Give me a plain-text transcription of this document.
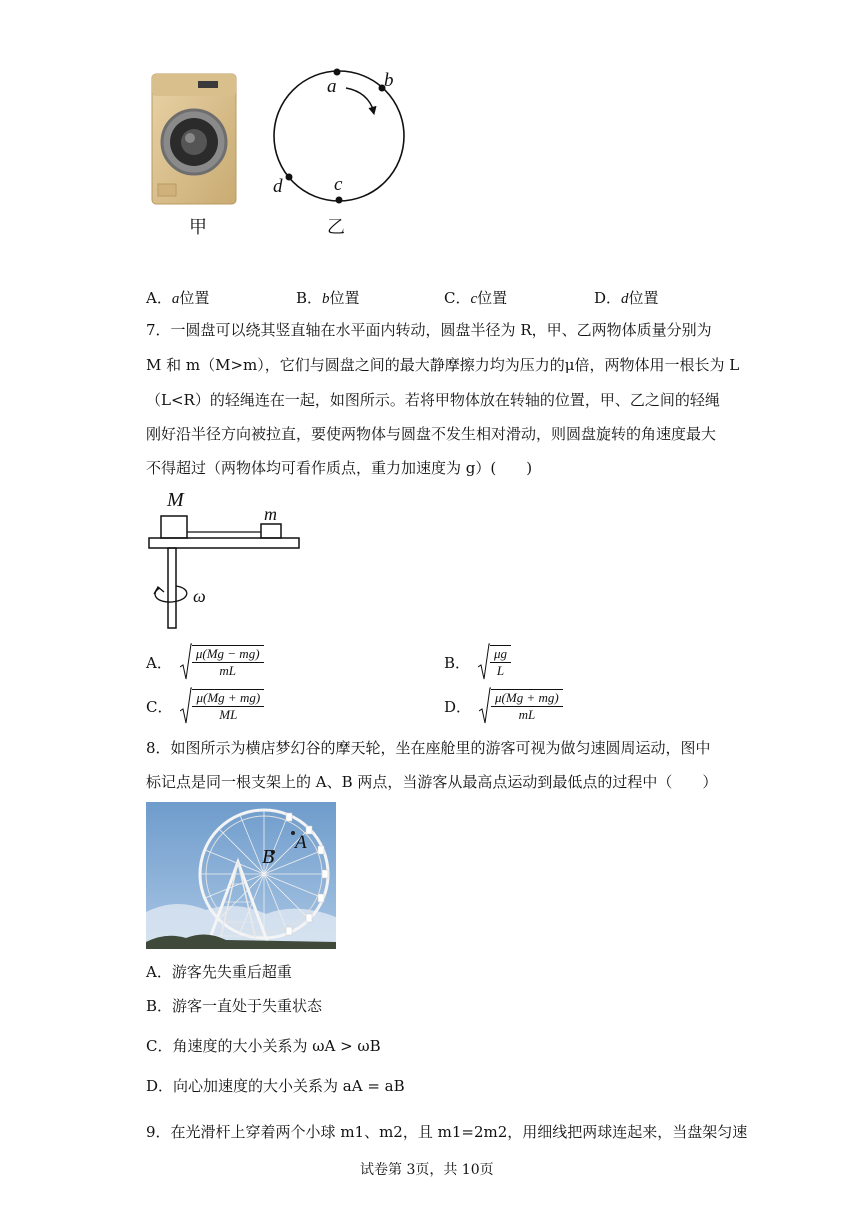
甲
a	b
c
d
乙
A．a位置	B．b位置	C．c位置	D．d位置
7．一圆盘可以绕其竖直轴在水平面内转动，圆盘半径为 R，甲、乙两物体质量分别为
M 和 m（M>m），它们与圆盘之间的最大静摩擦力均为压力的μ倍，两物体用一根长为 L
（L<R）的轻绳连在一起，如图所示。若将甲物体放在转轴的位置，甲、乙之间的轻绳
刚好沿半径方向被拉直，要使两物体与圆盘不发生相对滑动，则圆盘旋转的角速度最大
不得超过（两物体均可看作质点，重力加速度为 g）(　　)
M
m
ω
A． $\frac{\mu(Mg - mg)}{mL}$	B． $\frac{\mu g}{L}$
C． $\frac{\mu(Mg + mg)}{ML}$	D． $\frac{\mu(Mg + mg)}{mL}$
8．如图所示为横店梦幻谷的摩天轮，坐在座舱里的游客可视为做匀速圆周运动，图中
标记点是同一根支架上的 A、B 两点，当游客从最高点运动到最低点的过程中（　　）
A
B
A．游客先失重后超重
B．游客一直处于失重状态
C．角速度的大小关系为 ωA > ωB
D．向心加速度的大小关系为 aA = aB
9．在光滑杆上穿着两个小球 m1、m2，且 m1=2m2，用细线把两球连起来，当盘架匀速
试卷第 3页，共 10页
